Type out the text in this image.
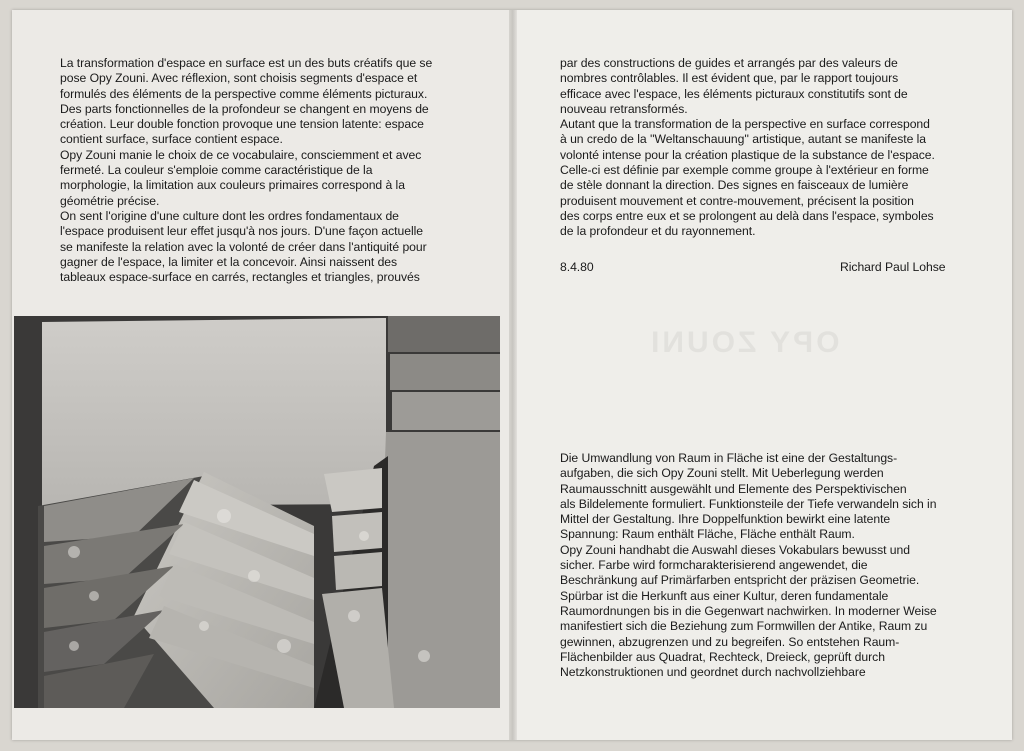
La transformation d'espace en surface est un des buts créatifs que se

pose Opy Zouni. Avec réflexion, sont choisis segments d'espace et

formulés des éléments de la perspective comme éléments picturaux.

Des parts fonctionnelles de la profondeur se changent en moyens de

création. Leur double fonction provoque une tension latente: espace

contient surface, surface contient espace.

Opy Zouni manie le choix de ce vocabulaire, consciemment et avec

fermeté. La couleur s'emploie comme caractéristique de la

morphologie, la limitation aux couleurs primaires correspond à la

géométrie précise.

On sent l'origine d'une culture dont les ordres fondamentaux de

l'espace produisent leur effet jusqu'à nos jours. D'une façon actuelle

se manifeste la relation avec la volonté de créer dans l'antiquité pour

gagner de l'espace, la limiter et la concevoir. Ainsi naissent des

tableaux espace-surface en carrés, rectangles et triangles, prouvés

par des constructions de guides et arrangés par des valeurs de

nombres contrôlables. Il est évident que, par le rapport toujours

efficace avec l'espace, les éléments picturaux constitutifs sont de

nouveau retransformés.

Autant que la transformation de la perspective en surface correspond

à un credo de la ''Weltanschauung'' artistique, autant se manifeste la

volonté intense pour la création plastique de la substance de l'espace.

Celle-ci est définie par exemple comme groupe à l'extérieur en forme

de stèle donnant la direction. Des signes en faisceaux de lumière

produisent mouvement et contre-mouvement, précisent la position

des corps entre eux et se prolongent au delà dans l'espace, symboles

de la profondeur et du rayonnement.

8.4.80	Richard Paul Lohse
OPY ZOUNI

Die Umwandlung von Raum in Fläche ist eine der Gestaltungs-

aufgaben, die sich Opy Zouni stellt. Mit Ueberlegung werden

Raumausschnitt ausgewählt und Elemente des Perspektivischen

als Bildelemente formuliert. Funktionsteile der Tiefe verwandeln sich in

Mittel der Gestaltung. Ihre Doppelfunktion bewirkt eine latente

Spannung: Raum enthält Fläche, Fläche enthält Raum.

Opy Zouni handhabt die Auswahl dieses Vokabulars bewusst und

sicher. Farbe wird formcharakterisierend angewendet, die

Beschränkung auf Primärfarben entspricht der präzisen Geometrie.

Spürbar ist die Herkunft aus einer Kultur, deren fundamentale

Raumordnungen bis in die Gegenwart nachwirken. In moderner Weise

manifestiert sich die Beziehung zum Formwillen der Antike, Raum zu

gewinnen, abzugrenzen und zu begreifen. So entstehen Raum-

Flächenbilder aus Quadrat, Rechteck, Dreieck, geprüft durch

Netzkonstruktionen und geordnet durch nachvollziehbare
